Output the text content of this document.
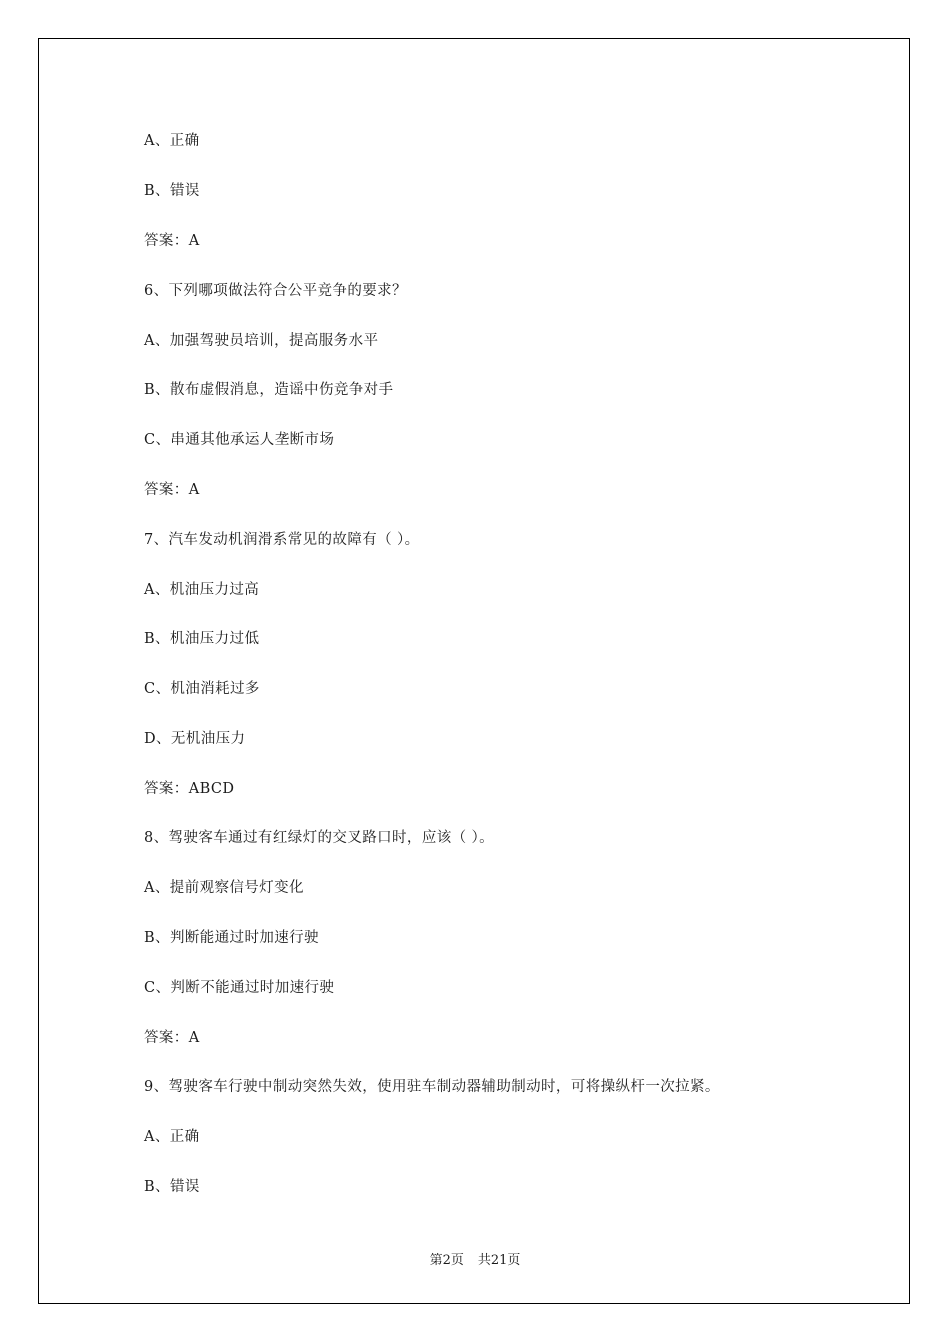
A、正确
B、错误
答案：A
6、下列哪项做法符合公平竞争的要求？
A、加强驾驶员培训，提高服务水平
B、散布虚假消息，造谣中伤竞争对手
C、串通其他承运人垄断市场
答案：A
7、汽车发动机润滑系常见的故障有（ ）。
A、机油压力过高
B、机油压力过低
C、机油消耗过多
D、无机油压力
答案：ABCD
8、驾驶客车通过有红绿灯的交叉路口时，应该（ ）。
A、提前观察信号灯变化
B、判断能通过时加速行驶
C、判断不能通过时加速行驶
答案：A
9、驾驶客车行驶中制动突然失效，使用驻车制动器辅助制动时，可将操纵杆一次拉紧。
A、正确
B、错误
第2页 共21页
